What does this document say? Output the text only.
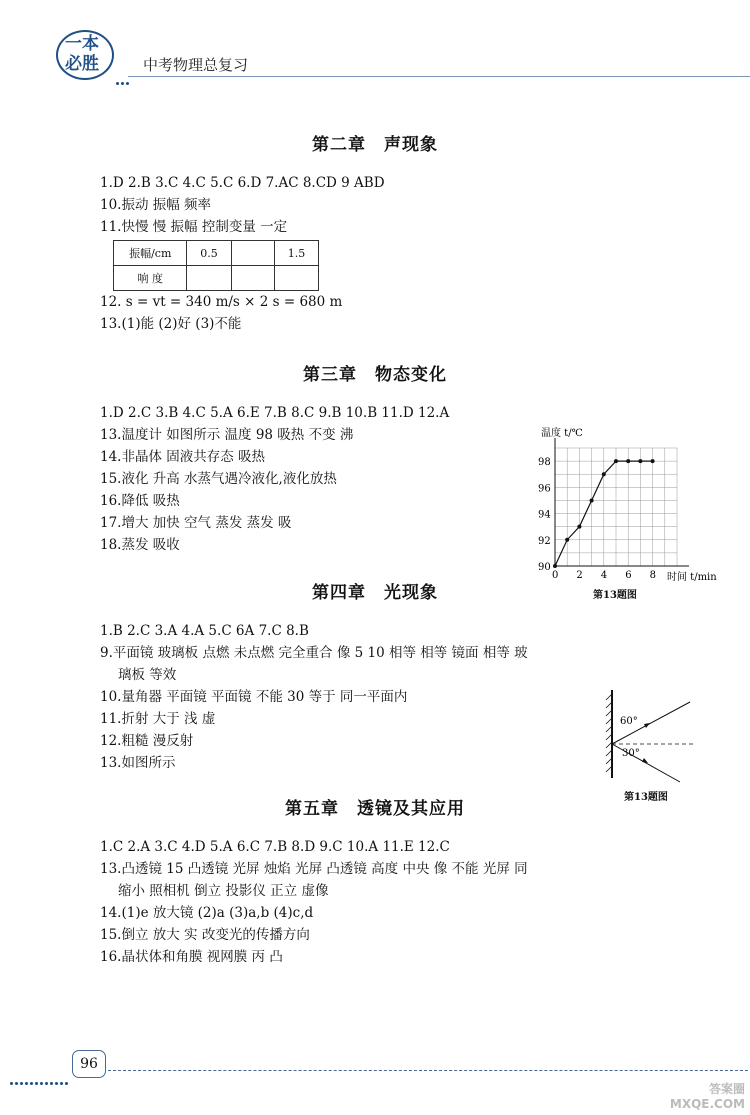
一本
必胜	中考物理总复习
第二章 声现象
1.D 2.B 3.C 4.C 5.C 6.D 7.AC 8.CD 9 ABD
10.振动 振幅 频率
11.快慢 慢 振幅 控制变量 一定
振幅/cm	0.5		1.5
响 度			
12. s = vt = 340 m/s × 2 s = 680 m
13.(1)能 (2)好 (3)不能
第三章 物态变化
1.D 2.C 3.B 4.C 5.A 6.E 7.B 8.C 9.B 10.B 11.D 12.A
13.温度计 如图所示 温度 98 吸热 不变 沸
14.非晶体 固液共存态 吸热
15.液化 升高 水蒸气遇冷液化,液化放热
16.降低 吸热
17.增大 加快 空气 蒸发 蒸发 吸
18.蒸发 吸收
温度 t/℃
时间 t/min
第13题图
0 2 4 6 8
90
92
94
96
98
第四章 光现象
1.B 2.C 3.A 4.A 5.C 6A 7.C 8.B
9.平面镜 玻璃板 点燃 未点燃 完全重合 像 5 10 相等 相等 镜面 相等 玻
璃板 等效
10.量角器 平面镜 平面镜 不能 30 等于 同一平面内
11.折射 大于 浅 虚
12.粗糙 漫反射
13.如图所示
60°
30°
第13题图
第五章 透镜及其应用
1.C 2.A 3.C 4.D 5.A 6.C 7.B 8.D 9.C 10.A 11.E 12.C
13.凸透镜 15 凸透镜 光屏 烛焰 光屏 凸透镜 高度 中央 像 不能 光屏 同
缩小 照相机 倒立 投影仪 正立 虚像
14.(1)e 放大镜 (2)a (3)a,b (4)c,d
15.倒立 放大 实 改变光的传播方向
16.晶状体和角膜 视网膜 丙 凸
96
答案圈
MXQE.COM
